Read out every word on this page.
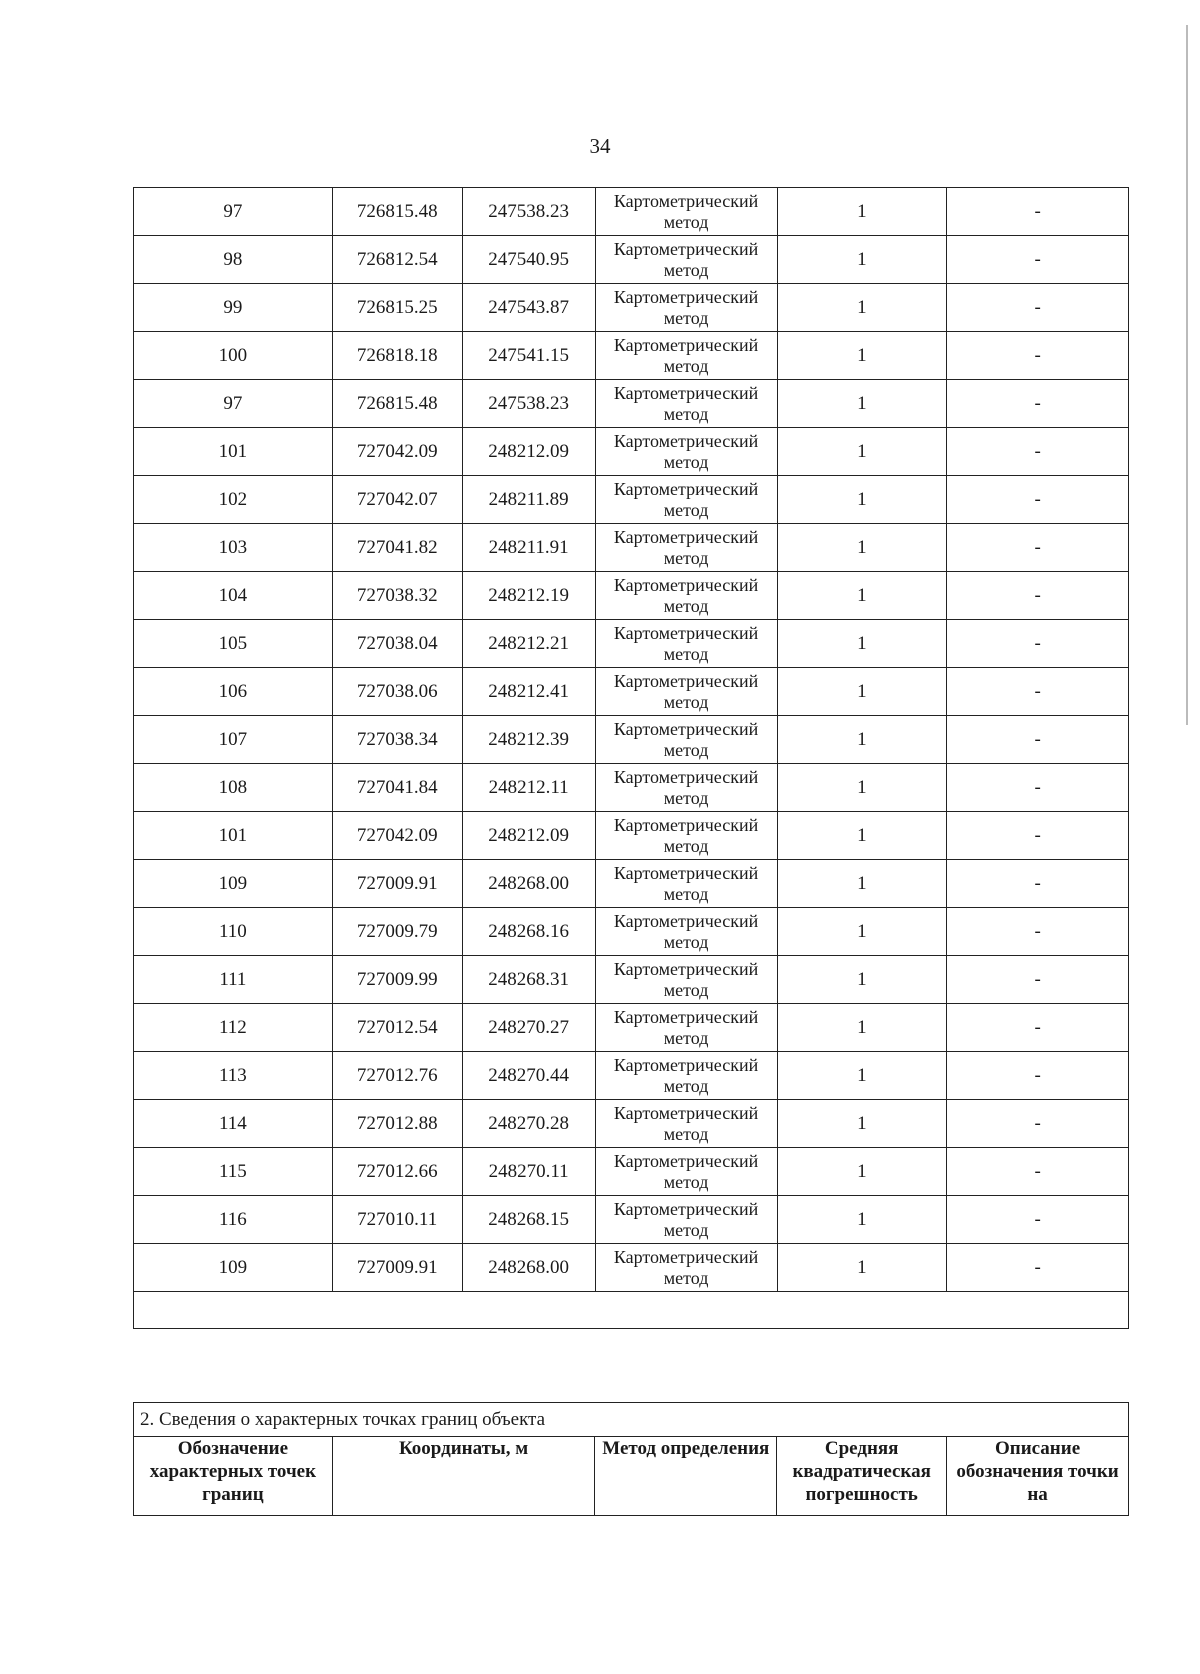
34
97	726815.48	247538.23	Картометрический
метод	1	-
98	726812.54	247540.95	Картометрический
метод	1	-
99	726815.25	247543.87	Картометрический
метод	1	-
100	726818.18	247541.15	Картометрический
метод	1	-
97	726815.48	247538.23	Картометрический
метод	1	-
101	727042.09	248212.09	Картометрический
метод	1	-
102	727042.07	248211.89	Картометрический
метод	1	-
103	727041.82	248211.91	Картометрический
метод	1	-
104	727038.32	248212.19	Картометрический
метод	1	-
105	727038.04	248212.21	Картометрический
метод	1	-
106	727038.06	248212.41	Картометрический
метод	1	-
107	727038.34	248212.39	Картометрический
метод	1	-
108	727041.84	248212.11	Картометрический
метод	1	-
101	727042.09	248212.09	Картометрический
метод	1	-
109	727009.91	248268.00	Картометрический
метод	1	-
110	727009.79	248268.16	Картометрический
метод	1	-
111	727009.99	248268.31	Картометрический
метод	1	-
112	727012.54	248270.27	Картометрический
метод	1	-
113	727012.76	248270.44	Картометрический
метод	1	-
114	727012.88	248270.28	Картометрический
метод	1	-
115	727012.66	248270.11	Картометрический
метод	1	-
116	727010.11	248268.15	Картометрический
метод	1	-
109	727009.91	248268.00	Картометрический
метод	1	-

2. Сведения о характерных точках границ объекта
Обозначение характерных точек границ	Координаты, м	Метод определения	Средняя квадратическая погрешность	Описание обозначения точки на
